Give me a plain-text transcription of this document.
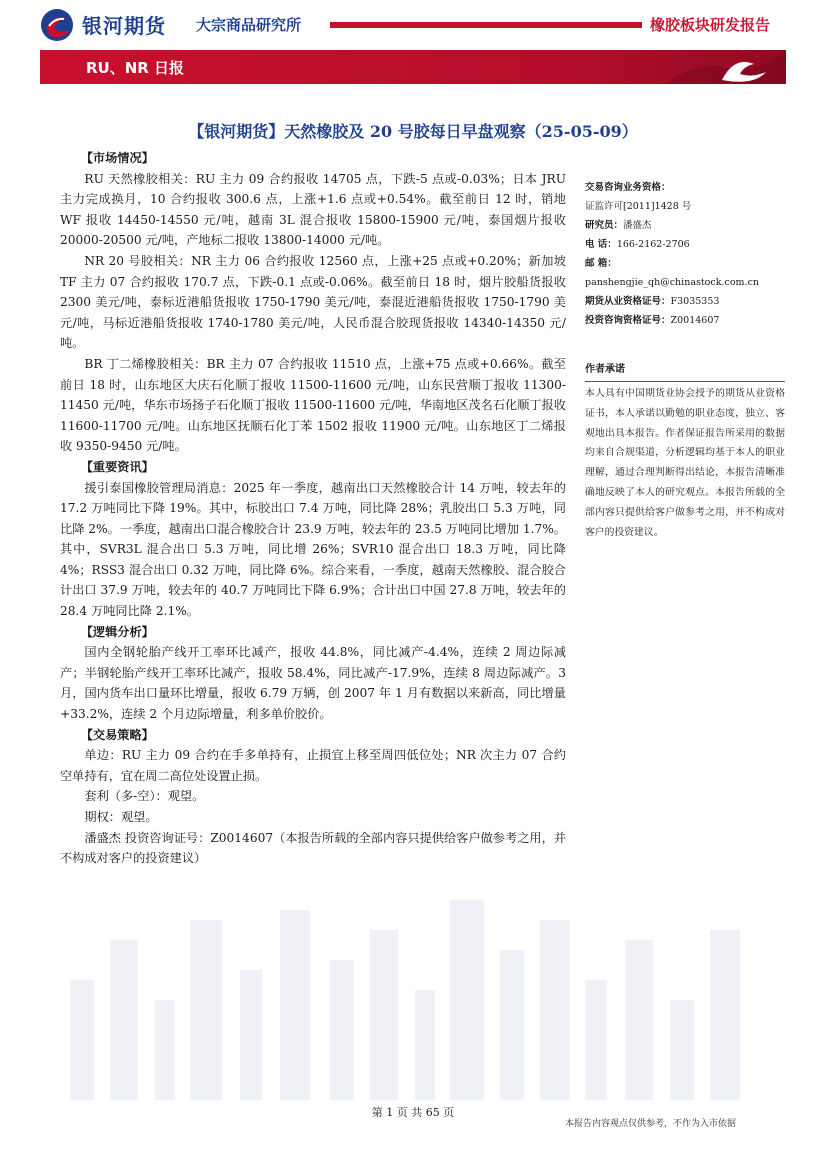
银河期货 大宗商品研究所	橡胶板块研发报告
RU、NR 日报
【银河期货】天然橡胶及 20 号胶每日早盘观察（25-05-09）

【市场情况】

RU 天然橡胶相关：RU 主力 09 合约报收 14705 点，下跌-5 点或-0.03%；日本 JRU 主力完成换月，10 合约报收 300.6 点，上涨+1.6 点或+0.54%。截至前日 12 时，销地 WF 报收 14450-14550 元/吨，越南 3L 混合报收 15800-15900 元/吨，泰国烟片报收 20000-20500 元/吨，产地标二报收 13800-14000 元/吨。

NR 20 号胶相关：NR 主力 06 合约报收 12560 点，上涨+25 点或+0.20%；新加坡 TF 主力 07 合约报收 170.7 点，下跌-0.1 点或-0.06%。截至前日 18 时，烟片胶船货报收 2300 美元/吨，泰标近港船货报收 1750-1790 美元/吨，泰混近港船货报收 1750-1790 美元/吨，马标近港船货报收 1740-1780 美元/吨，人民币混合胶现货报收 14340-14350 元/吨。

BR 丁二烯橡胶相关：BR 主力 07 合约报收 11510 点，上涨+75 点或+0.66%。截至前日 18 时，山东地区大庆石化顺丁报收 11500-11600 元/吨，山东民营顺丁报收 11300-11450 元/吨，华东市场扬子石化顺丁报收 11500-11600 元/吨，华南地区茂名石化顺丁报收 11600-11700 元/吨。山东地区抚顺石化丁苯 1502 报收 11900 元/吨。山东地区丁二烯报收 9350-9450 元/吨。

【重要资讯】

援引泰国橡胶管理局消息：2025 年一季度，越南出口天然橡胶合计 14 万吨，较去年的 17.2 万吨同比下降 19%。其中，标胶出口 7.4 万吨，同比降 28%；乳胶出口 5.3 万吨，同比降 2%。一季度，越南出口混合橡胶合计 23.9 万吨，较去年的 23.5 万吨同比增加 1.7%。其中，SVR3L 混合出口 5.3 万吨，同比增 26%；SVR10 混合出口 18.3 万吨，同比降 4%；RSS3 混合出口 0.32 万吨，同比降 6%。综合来看，一季度，越南天然橡胶、混合胶合计出口 37.9 万吨，较去年的 40.7 万吨同比下降 6.9%；合计出口中国 27.8 万吨，较去年的 28.4 万吨同比降 2.1%。

【逻辑分析】

国内全钢轮胎产线开工率环比减产，报收 44.8%，同比减产-4.4%，连续 2 周边际减产；半钢轮胎产线开工率环比减产，报收 58.4%，同比减产-17.9%，连续 8 周边际减产。3 月，国内货车出口量环比增量，报收 6.79 万辆，创 2007 年 1 月有数据以来新高，同比增量+33.2%，连续 2 个月边际增量，利多单价胶价。

【交易策略】

单边：RU 主力 09 合约在手多单持有，止损宜上移至周四低位处；NR 次主力 07 合约空单持有，宜在周二高位处设置止损。

套利（多-空）：观望。

期权：观望。

潘盛杰 投资咨询证号：Z0014607（本报告所载的全部内容只提供给客户做参考之用，并不构成对客户的投资建议）

交易咨询业务资格：
证监许可[2011]1428 号
研究员：潘盛杰
电 话：166-2162-2706
邮 箱：
panshengjie_qh@chinastock.com.cn
期货从业资格证号：F3035353
投资咨询资格证号：Z0014607
作者承诺
本人具有中国期货业协会授予的期货从业资格证书，本人承诺以勤勉的职业态度，独立、客观地出具本报告。作者保证报告所采用的数据均来自合规渠道，分析逻辑均基于本人的职业理解，通过合理判断得出结论，本报告清晰准确地反映了本人的研究观点。本报告所载的全部内容只提供给客户做参考之用，并不构成对客户的投资建议。
第 1 页 共 65 页
本报告内容观点仅供参考，不作为入市依据
